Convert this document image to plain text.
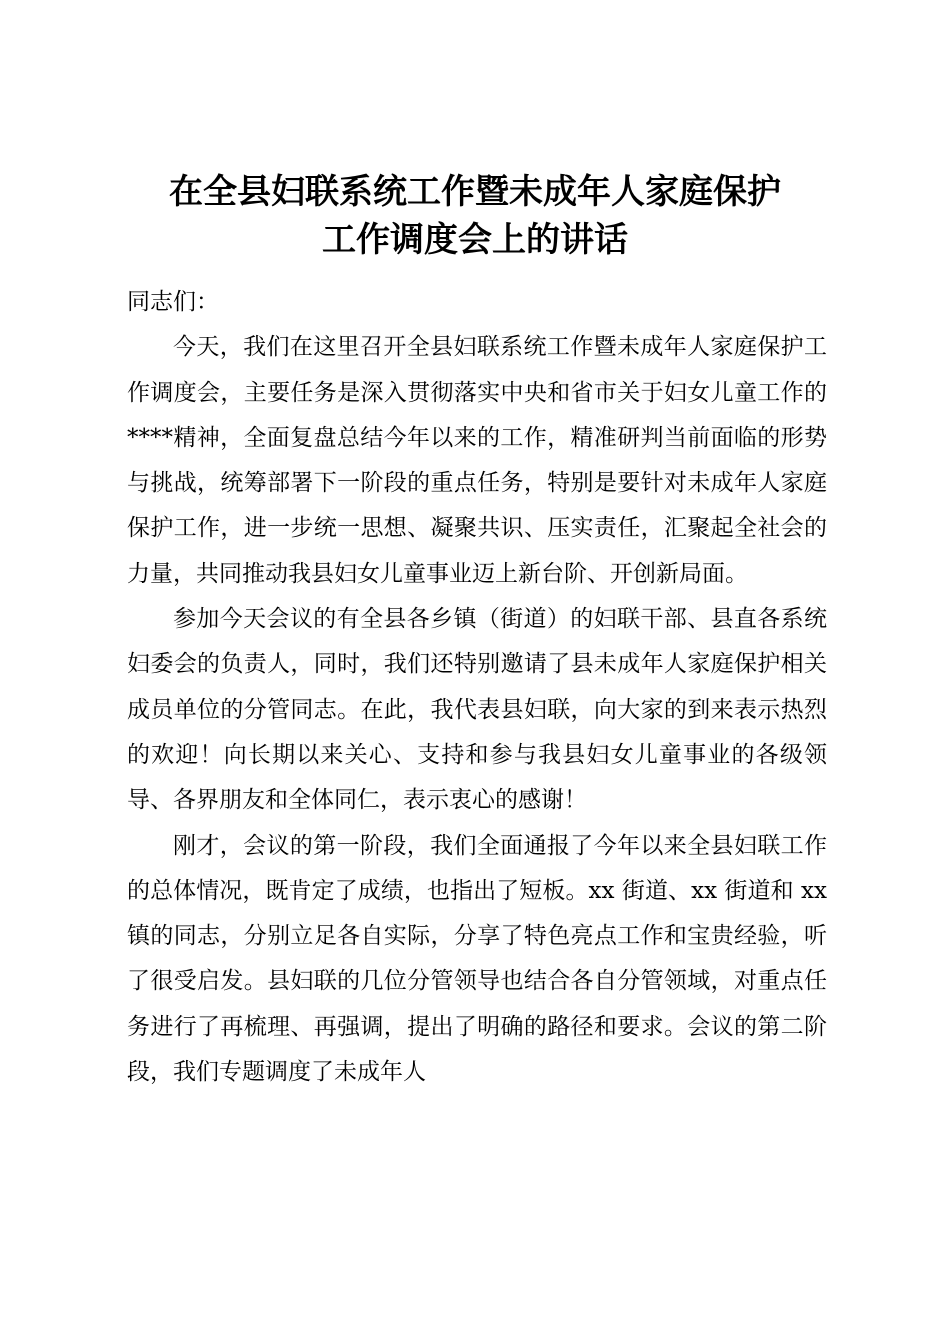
在全县妇联系统工作暨未成年人家庭保护
工作调度会上的讲话

同志们：

今天，我们在这里召开全县妇联系统工作暨未成年人家庭保护工作调度会，主要任务是深入贯彻落实中央和省市关于妇女儿童工作的****精神，全面复盘总结今年以来的工作，精准研判当前面临的形势与挑战，统筹部署下一阶段的重点任务，特别是要针对未成年人家庭保护工作，进一步统一思想、凝聚共识、压实责任，汇聚起全社会的力量，共同推动我县妇女儿童事业迈上新台阶、开创新局面。

参加今天会议的有全县各乡镇（街道）的妇联干部、县直各系统妇委会的负责人，同时，我们还特别邀请了县未成年人家庭保护相关成员单位的分管同志。在此，我代表县妇联，向大家的到来表示热烈的欢迎！向长期以来关心、支持和参与我县妇女儿童事业的各级领导、各界朋友和全体同仁，表示衷心的感谢！

刚才，会议的第一阶段，我们全面通报了今年以来全县妇联工作的总体情况，既肯定了成绩，也指出了短板。xx 街道、xx 街道和 xx 镇的同志，分别立足各自实际，分享了特色亮点工作和宝贵经验，听了很受启发。县妇联的几位分管领导也结合各自分管领域，对重点任务进行了再梳理、再强调，提出了明确的路径和要求。会议的第二阶段，我们专题调度了未成年人
